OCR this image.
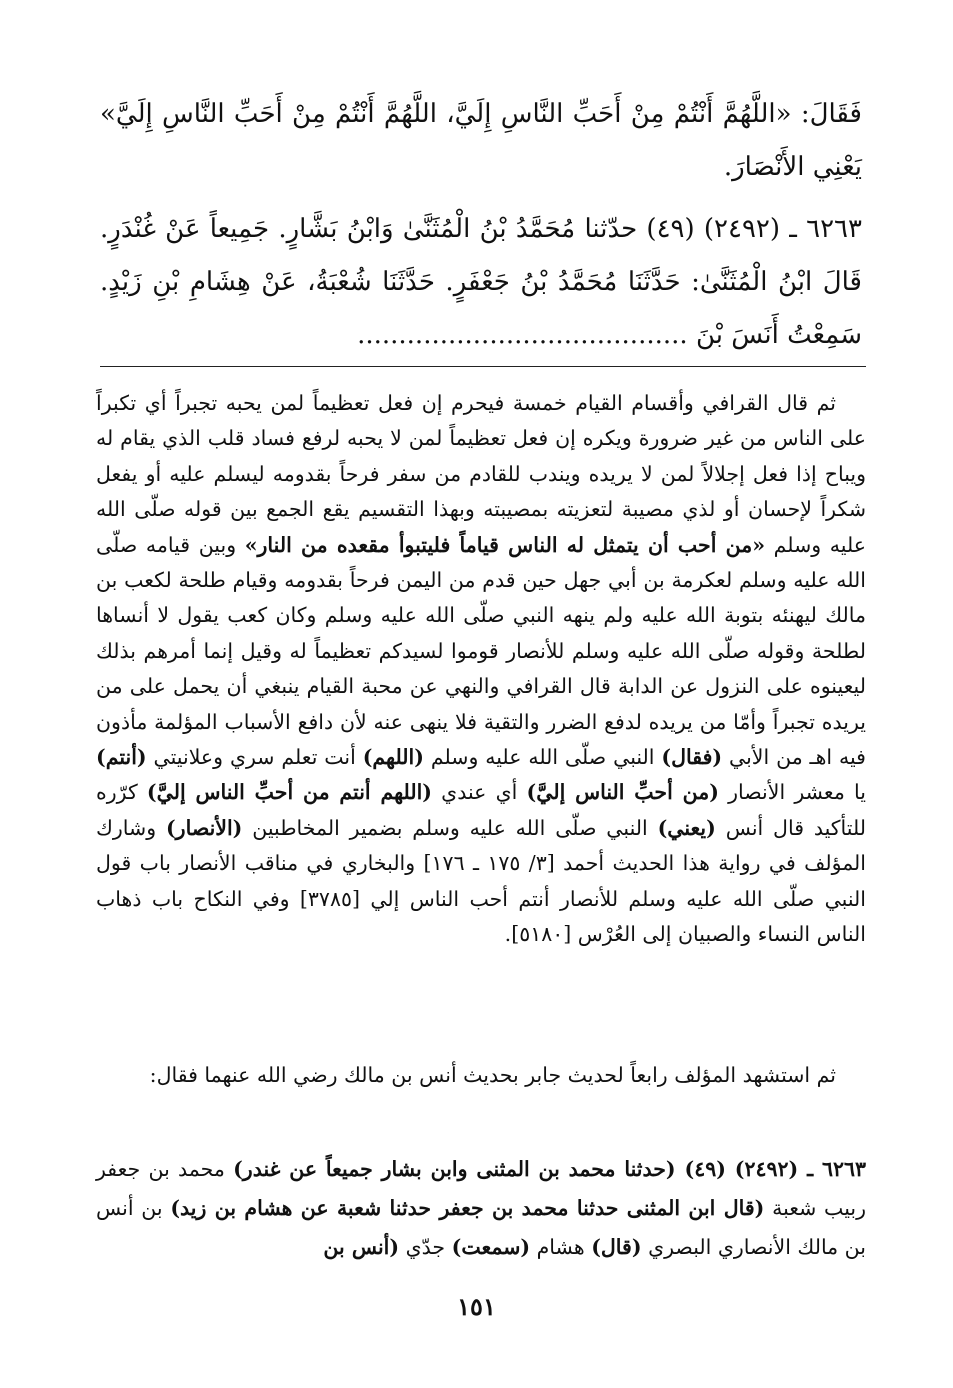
فَقَالَ: «اللَّهُمَّ أَنْتُمْ مِنْ أَحَبِّ النَّاسِ إِلَيَّ، اللَّهُمَّ أَنْتُمْ مِنْ أَحَبِّ النَّاسِ إِلَيَّ» يَعْنِي الأَنْصَارَ.

٦٢٦٣ ـ (٢٤٩٢) (٤٩) حدّثنا مُحَمَّدُ بْنُ الْمُثَنَّىٰ وَابْنُ بَشَّارٍ. جَمِيعاً عَنْ غُنْدَرٍ. قَالَ ابْنُ الْمُثَنَّىٰ: حَدَّثَنَا مُحَمَّدُ بْنُ جَعْفَرٍ. حَدَّثَنَا شُعْبَةُ، عَنْ هِشَامِ بْنِ زَيْدٍ. سَمِعْتُ أَنَسَ بْنَ ........................................

ثم قال القرافي وأقسام القيام خمسة فيحرم إن فعل تعظيماً لمن يحبه تجبراً أي تكبراً على الناس من غير ضرورة ويكره إن فعل تعظيماً لمن لا يحبه لرفع فساد قلب الذي يقام له ويباح إذا فعل إجلالاً لمن لا يريده ويندب للقادم من سفر فرحاً بقدومه ليسلم عليه أو يفعل شكراً لإحسان أو لذي مصيبة لتعزيته بمصيبته وبهذا التقسيم يقع الجمع بين قوله صلّى الله عليه وسلم «من أحب أن يتمثل له الناس قياماً فليتبوأ مقعده من النار» وبين قيامه صلّى الله عليه وسلم لعكرمة بن أبي جهل حين قدم من اليمن فرحاً بقدومه وقيام طلحة لكعب بن مالك ليهنئه بتوبة الله عليه ولم ينهه النبي صلّى الله عليه وسلم وكان كعب يقول لا أنساها لطلحة وقوله صلّى الله عليه وسلم للأنصار قوموا لسيدكم تعظيماً له وقيل إنما أمرهم بذلك ليعينوه على النزول عن الدابة قال القرافي والنهي عن محبة القيام ينبغي أن يحمل على من يريده تجبراً وأمّا من يريده لدفع الضرر والتقية فلا ينهى عنه لأن دافع الأسباب المؤلمة مأذون فيه اهـ من الأبي (فقال) النبي صلّى الله عليه وسلم (اللهم) أنت تعلم سري وعلانيتي (أنتم) يا معشر الأنصار (من أحبِّ الناس إليَّ) أي عندي (اللهم أنتم من أحبِّ الناس إليَّ) كرّره للتأكيد قال أنس (يعني) النبي صلّى الله عليه وسلم بضمير المخاطبين (الأنصار) وشارك المؤلف في رواية هذا الحديث أحمد [٣/ ١٧٥ ـ ١٧٦] والبخاري في مناقب الأنصار باب قول النبي صلّى الله عليه وسلم للأنصار أنتم أحب الناس إلي [٣٧٨٥] وفي النكاح باب ذهاب الناس النساء والصبيان إلى العُرْس [٥١٨٠].

ثم استشهد المؤلف رابعاً لحديث جابر بحديث أنس بن مالك رضي الله عنهما فقال:

٦٢٦٣ ـ (٢٤٩٢) (٤٩) (حدثنا محمد بن المثنى وابن بشار جميعاً عن غندر) محمد بن جعفر ربيب شعبة (قال ابن المثنى حدثنا محمد بن جعفر حدثنا شعبة عن هشام بن زيد) بن أنس بن مالك الأنصاري البصري (قال) هشام (سمعت) جدّي (أنس بن

١٥١
